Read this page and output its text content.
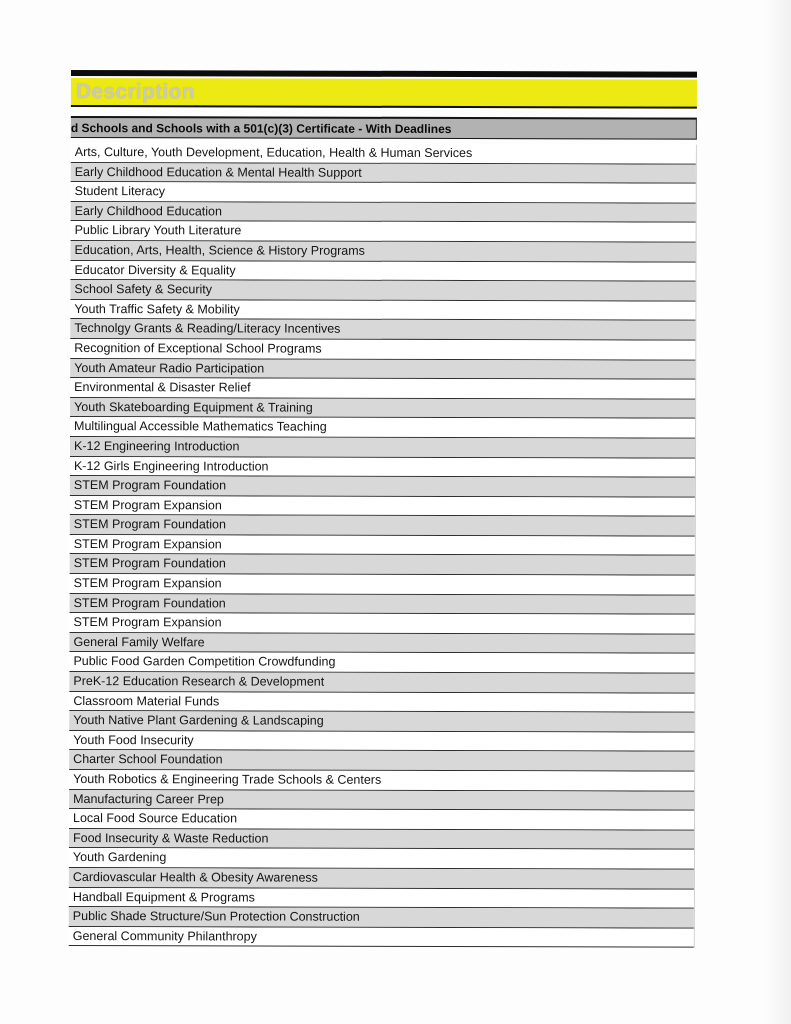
Description
d Schools and Schools with a 501(c)(3) Certificate - With Deadlines
Arts, Culture, Youth Development, Education, Health & Human Services
Early Childhood Education & Mental Health Support
Student Literacy
Early Childhood Education
Public Library Youth Literature
Education, Arts, Health, Science & History Programs
Educator Diversity & Equality
School Safety & Security
Youth Traffic Safety & Mobility
Technolgy Grants & Reading/Literacy Incentives
Recognition of Exceptional School Programs
Youth Amateur Radio Participation
Environmental & Disaster Relief
Youth Skateboarding Equipment & Training
Multilingual Accessible Mathematics Teaching
K-12 Engineering Introduction
K-12 Girls Engineering Introduction
STEM Program Foundation
STEM Program Expansion
STEM Program Foundation
STEM Program Expansion
STEM Program Foundation
STEM Program Expansion
STEM Program Foundation
STEM Program Expansion
General Family Welfare
Public Food Garden Competition Crowdfunding
PreK-12 Education Research & Development
Classroom Material Funds
Youth Native Plant Gardening & Landscaping
Youth Food Insecurity
Charter School Foundation
Youth Robotics & Engineering Trade Schools & Centers
Manufacturing Career Prep
Local Food Source Education
Food Insecurity & Waste Reduction
Youth Gardening
Cardiovascular Health & Obesity Awareness
Handball Equipment & Programs
Public Shade Structure/Sun Protection Construction
General Community Philanthropy
